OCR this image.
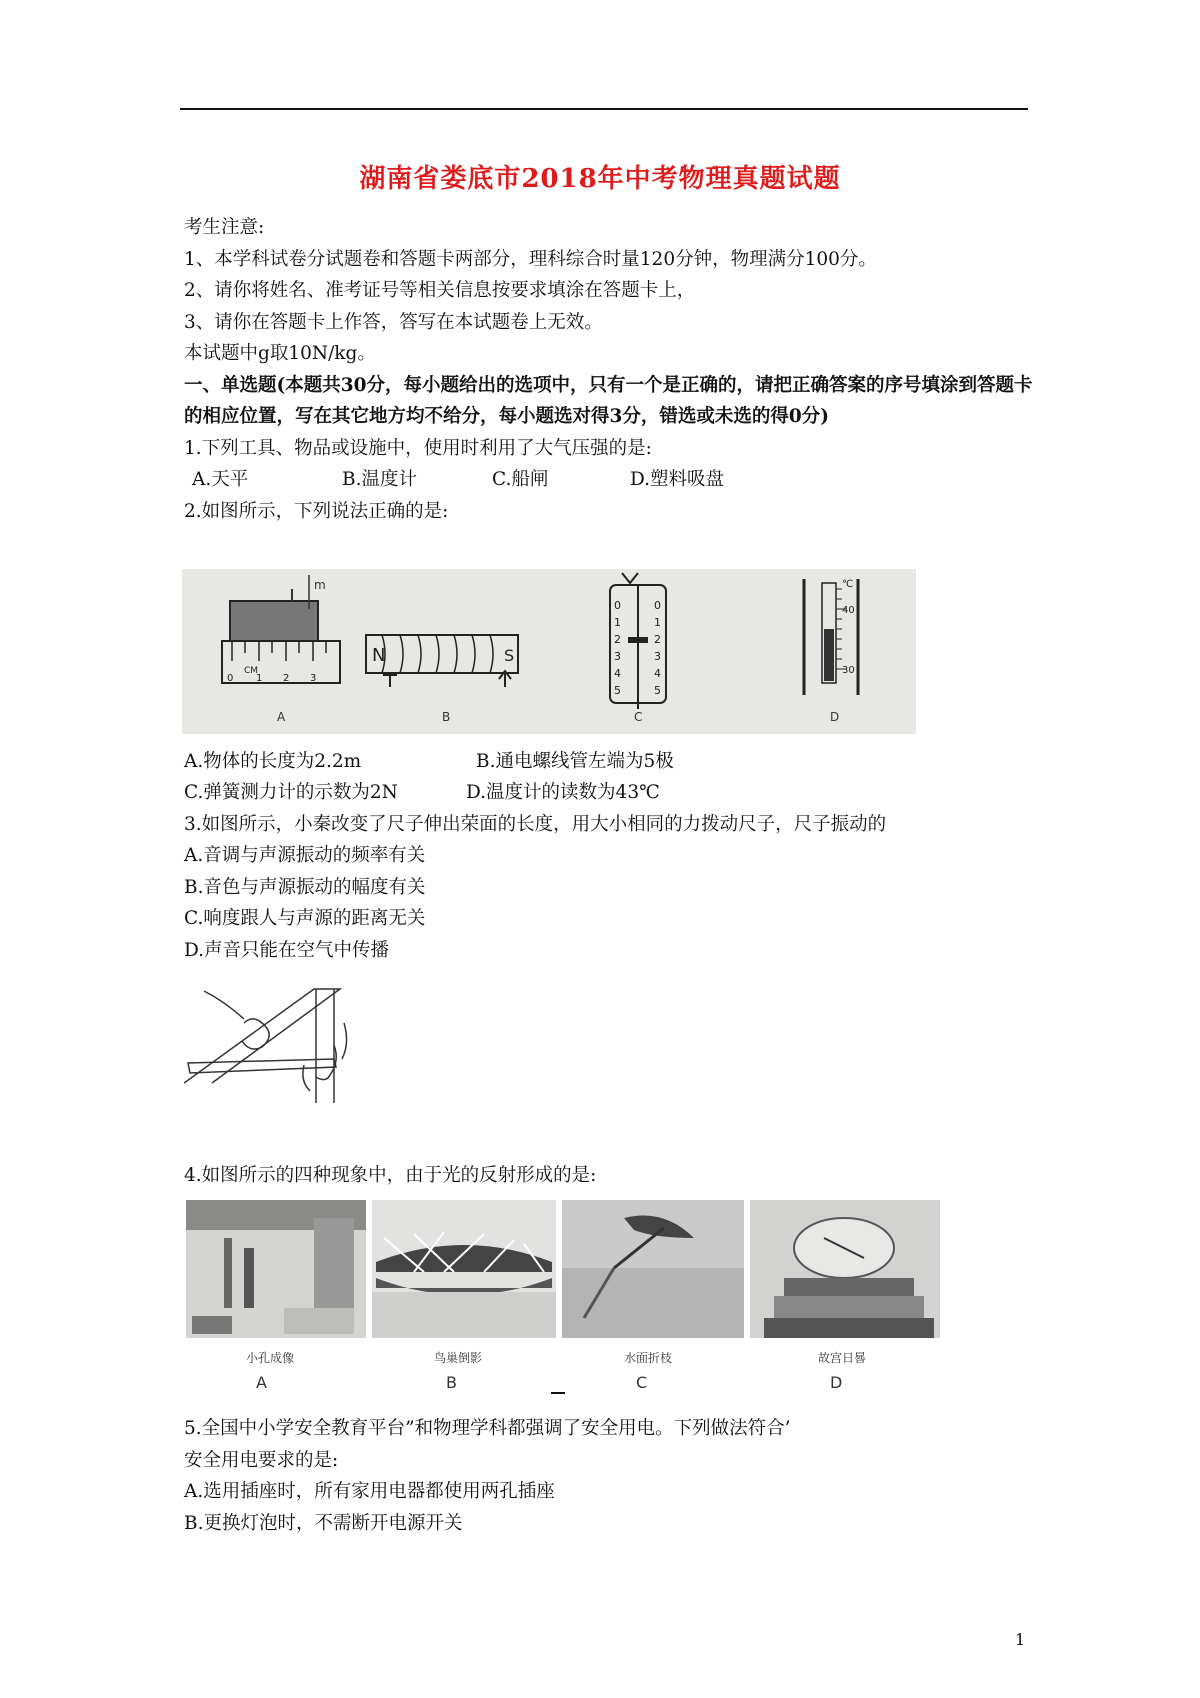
湖南省娄底市2018年中考物理真题试题
考生注意:
1、本学科试卷分试题卷和答题卡两部分，理科综合时量120分钟，物理满分100分。
2、请你将姓名、准考证号等相关信息按要求填涂在答题卡上，
3、请你在答题卡上作答，答写在本试题卷上无效。
本试题中g取10N/kg。
一、单选题(本题共30分，每小题给出的选项中，只有一个是正确的，请把正确答案的序号填涂到答题卡的相应位置，写在其它地方均不给分，每小题选对得3分，错选或未选的得0分)
1.下列工具、物品或设施中，使用时利用了大气压强的是:
A.天平	B.温度计	C.船闸	D.塑料吸盘
2.如图所示，下列说法正确的是:
m
CM
0 1 2 3
N	S
0
1
2
3
4
5
0
1
2
3
4
5
℃
40
30
A	B	C	D
A.物体的长度为2.2m	B.通电螺线管左端为5极
C.弹簧测力计的示数为2N	D.温度计的读数为43℃
3.如图所示，小秦改变了尺子伸出荣面的长度，用大小相同的力拨动尺子，尺子振动的
A.音调与声源振动的频率有关
B.音色与声源振动的幅度有关
C.响度跟人与声源的距离无关
D.声音只能在空气中传播
4.如图所示的四种现象中，由于光的反射形成的是:
小孔成像	鸟巢倒影	水面折枝	故宫日晷
A	B	C	D
5.全国中小学安全教育平台”和物理学科都强调了安全用电。下列做法符合’
安全用电要求的是:
A.选用插座时，所有家用电器都使用两孔插座
B.更换灯泡时，不需断开电源开关
1
